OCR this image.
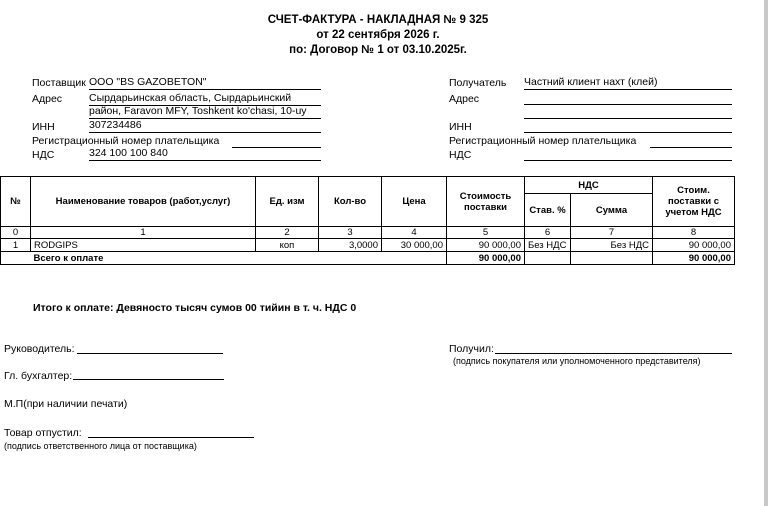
СЧЕТ-ФАКТУРА - НАКЛАДНАЯ № 9 325
от 22 сентября 2026 г.
по: Договор № 1 от 03.10.2025г.
Поставщик ООО "BS GAZOBETON"
Адрес	Сырдарьинская область, Сырдарьинский район, Faravon MFY, Toshkent ko'chasi, 10-uy
ИНН	307234486
Регистрационный номер плательщика
НДС	324 100 100 840
Получатель Частний клиент нахт (клей)
Адрес
ИНН
Регистрационный номер плательщика
НДС
№	Наименование товаров (работ,услуг)	Ед. изм	Кол-во	Цена	Стоимость поставки	НДС		Стоим. поставки с учетом НДС
						Став. %	Сумма	
0	1	2	3	4	5	6	7	8
1	RODGIPS	коп	3,0000	30 000,00	90 000,00	Без НДС	Без НДС	90 000,00
	Всего к оплате				90 000,00			90 000,00
Итого к оплате: Девяносто тысяч сумов 00 тийин в т. ч. НДС 0
Руководитель:
Гл. бухгалтер:
М.П(при наличии печати)
Товар отпустил:
(подпись ответственного лица от поставщика)
Получил:
(подпись покупателя или уполномоченного представителя)
